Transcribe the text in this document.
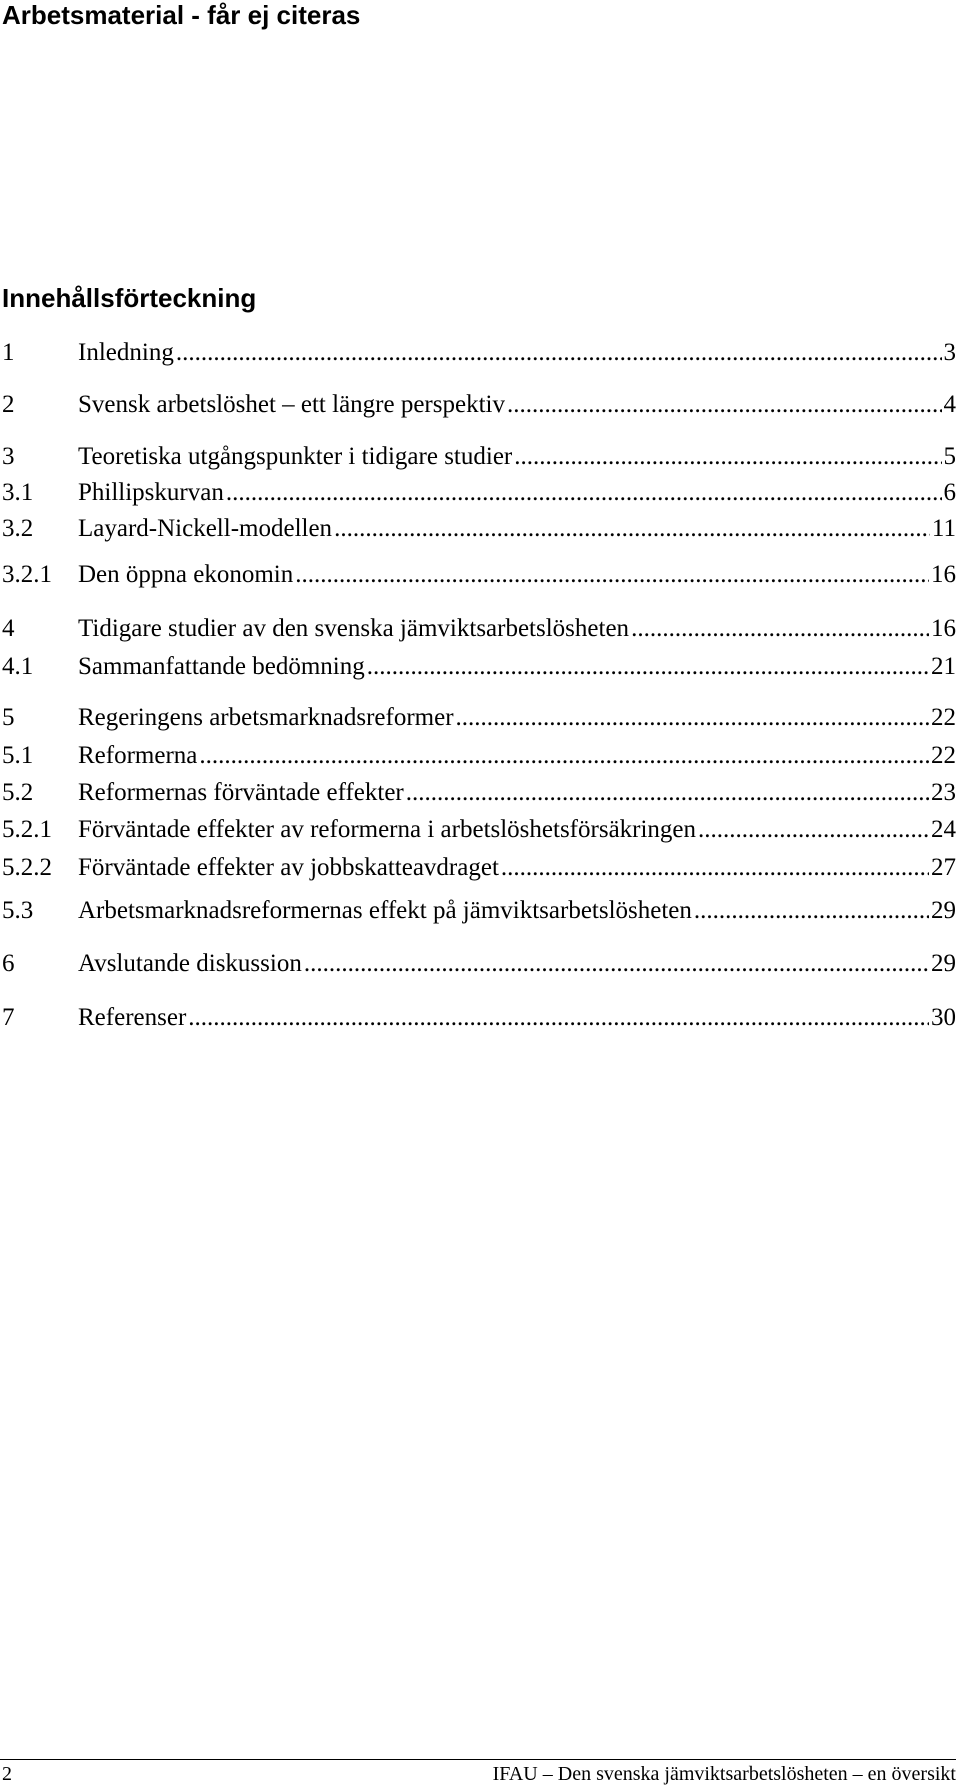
Arbetsmaterial - får ej citeras
Innehållsförteckning
1	Inledning .....	3
2	Svensk arbetslöshet – ett längre perspektiv .....	4
3	Teoretiska utgångspunkter i tidigare studier .....	5
3.1	Phillipskurvan .....	6
3.2	Layard-Nickell-modellen .....	11
3.2.1	Den öppna ekonomin .....	16
4	Tidigare studier av den svenska jämviktsarbetslösheten .....	16
4.1	Sammanfattande bedömning .....	21
5	Regeringens arbetsmarknadsreformer .....	22
5.1	Reformerna .....	22
5.2	Reformernas förväntade effekter .....	23
5.2.1	Förväntade effekter av reformerna i arbetslöshetsförsäkringen .....	24
5.2.2	Förväntade effekter av jobbskatteavdraget .....	27
5.3	Arbetsmarknadsreformernas effekt på jämviktsarbetslösheten .....	29
6	Avslutande diskussion .....	29
7	Referenser .....	30
2	IFAU – Den svenska jämviktsarbetslösheten – en översikt
